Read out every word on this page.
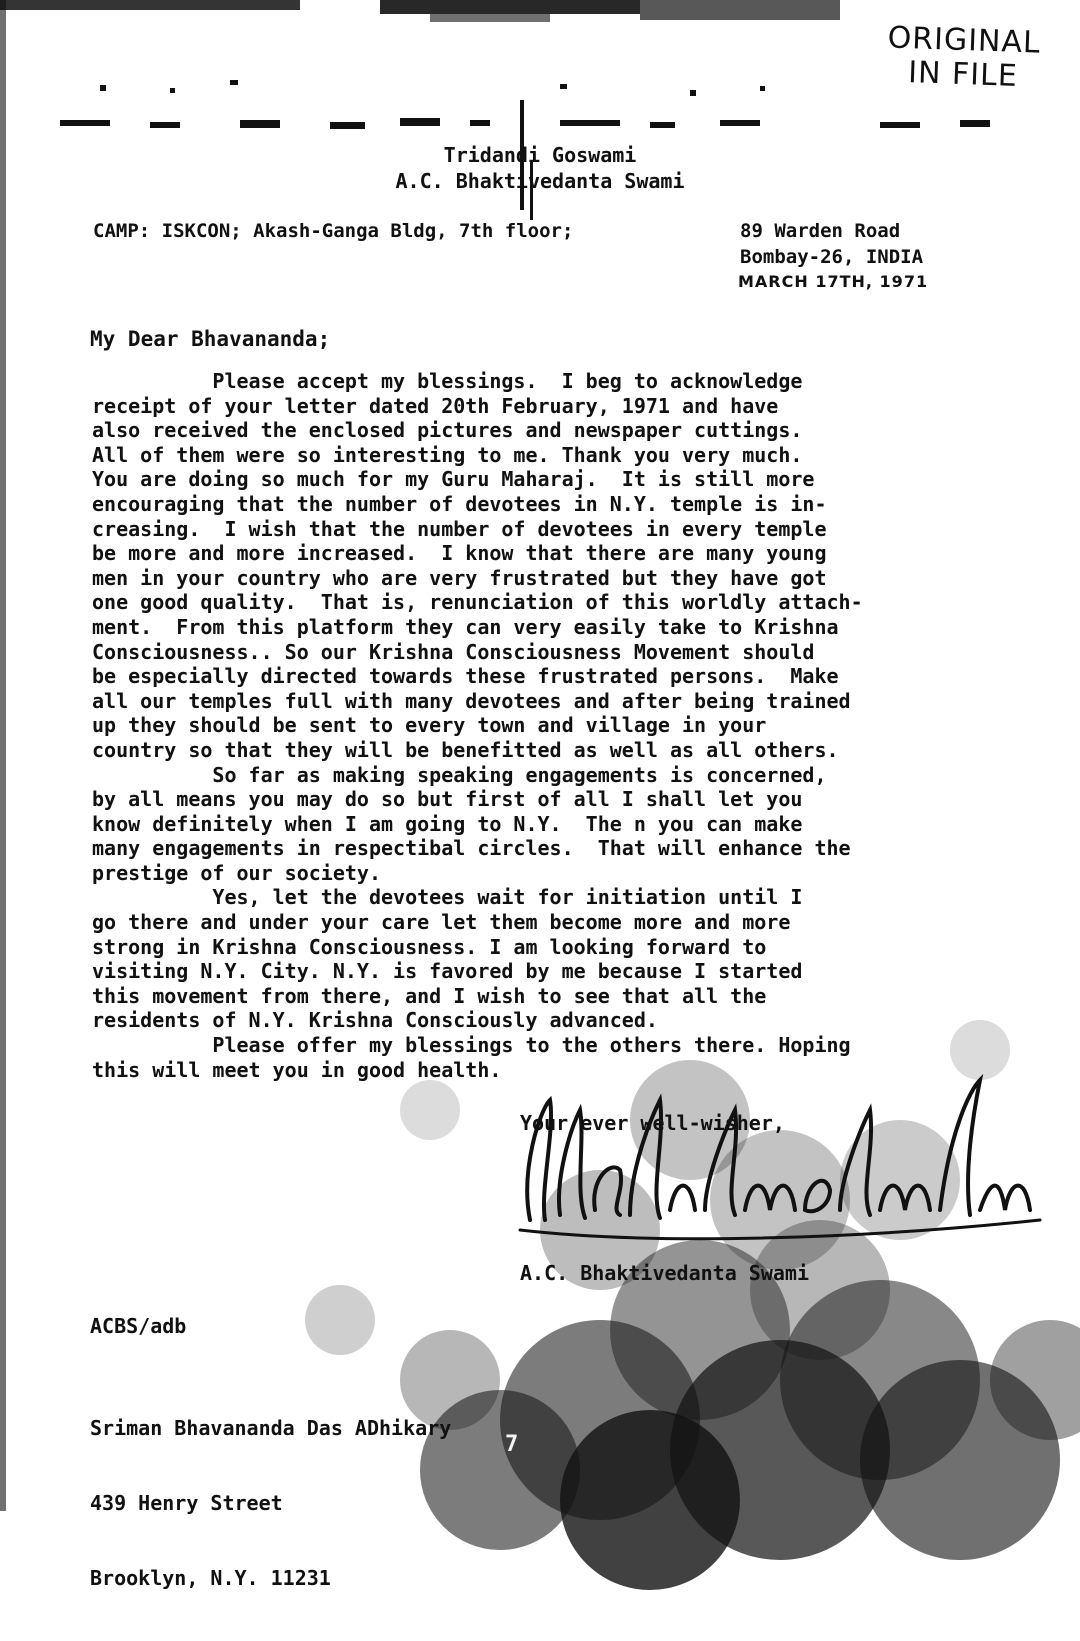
ORIGINAL
IN FILE
Tridandi Goswami
A.C. Bhaktivedanta Swami
CAMP: ISKCON; Akash-Ganga Bldg, 7th floor;	89 Warden Road
Bombay-26, INDIA
MARCH 17TH, 1971
My Dear Bhavananda;
Please accept my blessings.  I beg to acknowledge
receipt of your letter dated 20th February, 1971 and have
also received the enclosed pictures and newspaper cuttings.
All of them were so interesting to me. Thank you very much.
You are doing so much for my Guru Maharaj.  It is still more
encouraging that the number of devotees in N.Y. temple is in-
creasing.  I wish that the number of devotees in every temple
be more and more increased.  I know that there are many young
men in your country who are very frustrated but they have got
one good quality.  That is, renunciation of this worldly attach-
ment.  From this platform they can very easily take to Krishna
Consciousness.. So our Krishna Consciousness Movement should
be especially directed towards these frustrated persons.  Make
all our temples full with many devotees and after being trained
up they should be sent to every town and village in your
country so that they will be benefitted as well as all others.
So far as making speaking engagements is concerned,
by all means you may do so but first of all I shall let you
know definitely when I am going to N.Y.  The n you can make
many engagements in respectibal circles.  That will enhance the
prestige of our society.
Yes, let the devotees wait for initiation until I
go there and under your care let them become more and more
strong in Krishna Consciousness. I am looking forward to
visiting N.Y. City. N.Y. is favored by me because I started
this movement from there, and I wish to see that all the
residents of N.Y. Krishna Consciously advanced.
Please offer my blessings to the others there. Hoping
this will meet you in good health.
Your ever well-wisher,
A.C. Bhaktivedanta Swami
ACBS/adb

Sriman Bhavananda Das ADhikary

439 Henry Street

Brooklyn, N.Y. 11231

7
